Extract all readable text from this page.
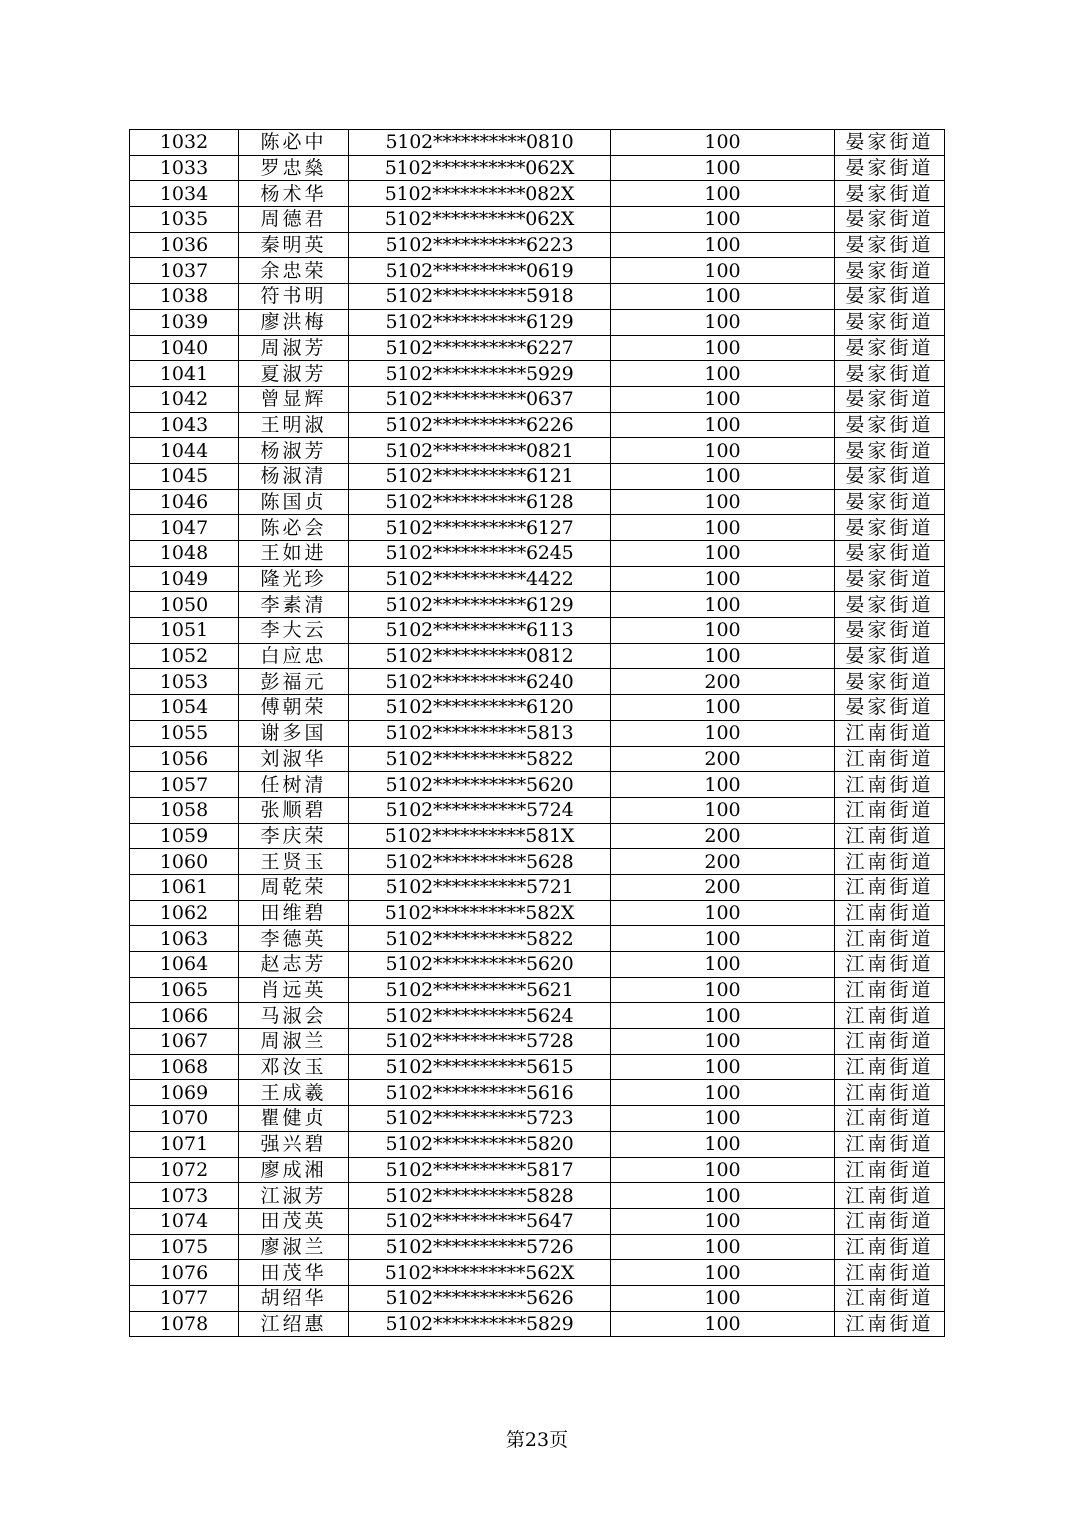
1032	陈必中	5102**********0810	100	晏家街道
1033	罗忠燊	5102**********062X	100	晏家街道
1034	杨术华	5102**********082X	100	晏家街道
1035	周德君	5102**********062X	100	晏家街道
1036	秦明英	5102**********6223	100	晏家街道
1037	余忠荣	5102**********0619	100	晏家街道
1038	符书明	5102**********5918	100	晏家街道
1039	廖洪梅	5102**********6129	100	晏家街道
1040	周淑芳	5102**********6227	100	晏家街道
1041	夏淑芳	5102**********5929	100	晏家街道
1042	曾显辉	5102**********0637	100	晏家街道
1043	王明淑	5102**********6226	100	晏家街道
1044	杨淑芳	5102**********0821	100	晏家街道
1045	杨淑清	5102**********6121	100	晏家街道
1046	陈国贞	5102**********6128	100	晏家街道
1047	陈必会	5102**********6127	100	晏家街道
1048	王如进	5102**********6245	100	晏家街道
1049	隆光珍	5102**********4422	100	晏家街道
1050	李素清	5102**********6129	100	晏家街道
1051	李大云	5102**********6113	100	晏家街道
1052	白应忠	5102**********0812	100	晏家街道
1053	彭福元	5102**********6240	200	晏家街道
1054	傅朝荣	5102**********6120	100	晏家街道
1055	谢多国	5102**********5813	100	江南街道
1056	刘淑华	5102**********5822	200	江南街道
1057	任树清	5102**********5620	100	江南街道
1058	张顺碧	5102**********5724	100	江南街道
1059	李庆荣	5102**********581X	200	江南街道
1060	王贤玉	5102**********5628	200	江南街道
1061	周乾荣	5102**********5721	200	江南街道
1062	田维碧	5102**********582X	100	江南街道
1063	李德英	5102**********5822	100	江南街道
1064	赵志芳	5102**********5620	100	江南街道
1065	肖远英	5102**********5621	100	江南街道
1066	马淑会	5102**********5624	100	江南街道
1067	周淑兰	5102**********5728	100	江南街道
1068	邓汝玉	5102**********5615	100	江南街道
1069	王成羲	5102**********5616	100	江南街道
1070	瞿健贞	5102**********5723	100	江南街道
1071	强兴碧	5102**********5820	100	江南街道
1072	廖成湘	5102**********5817	100	江南街道
1073	江淑芳	5102**********5828	100	江南街道
1074	田茂英	5102**********5647	100	江南街道
1075	廖淑兰	5102**********5726	100	江南街道
1076	田茂华	5102**********562X	100	江南街道
1077	胡绍华	5102**********5626	100	江南街道
1078	江绍惠	5102**********5829	100	江南街道
第23页
